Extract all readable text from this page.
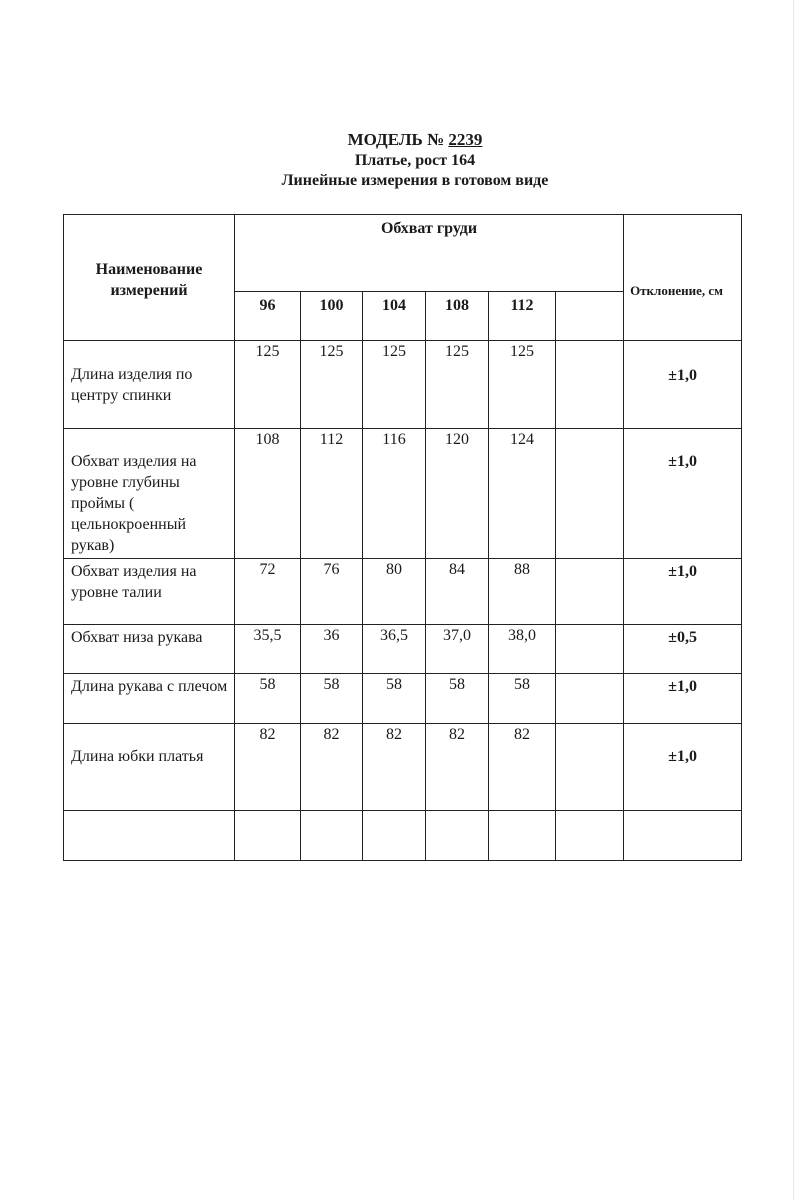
МОДЕЛЬ № 2239
Платье, рост 164
Линейные измерения в готовом виде
Наименование измерений	Обхват груди						Отклонение, см
	96	100	104	108	112		
Длина изделия по центру спинки	125	125	125	125	125		±1,0
Обхват изделия на уровне глубины проймы ( цельнокроенный рукав)	108	112	116	120	124		±1,0
Обхват изделия на уровне талии	72	76	80	84	88		±1,0
Обхват низа рукава	35,5	36	36,5	37,0	38,0		±0,5
Длина рукава с плечом	58	58	58	58	58		±1,0
Длина юбки платья	82	82	82	82	82		±1,0
